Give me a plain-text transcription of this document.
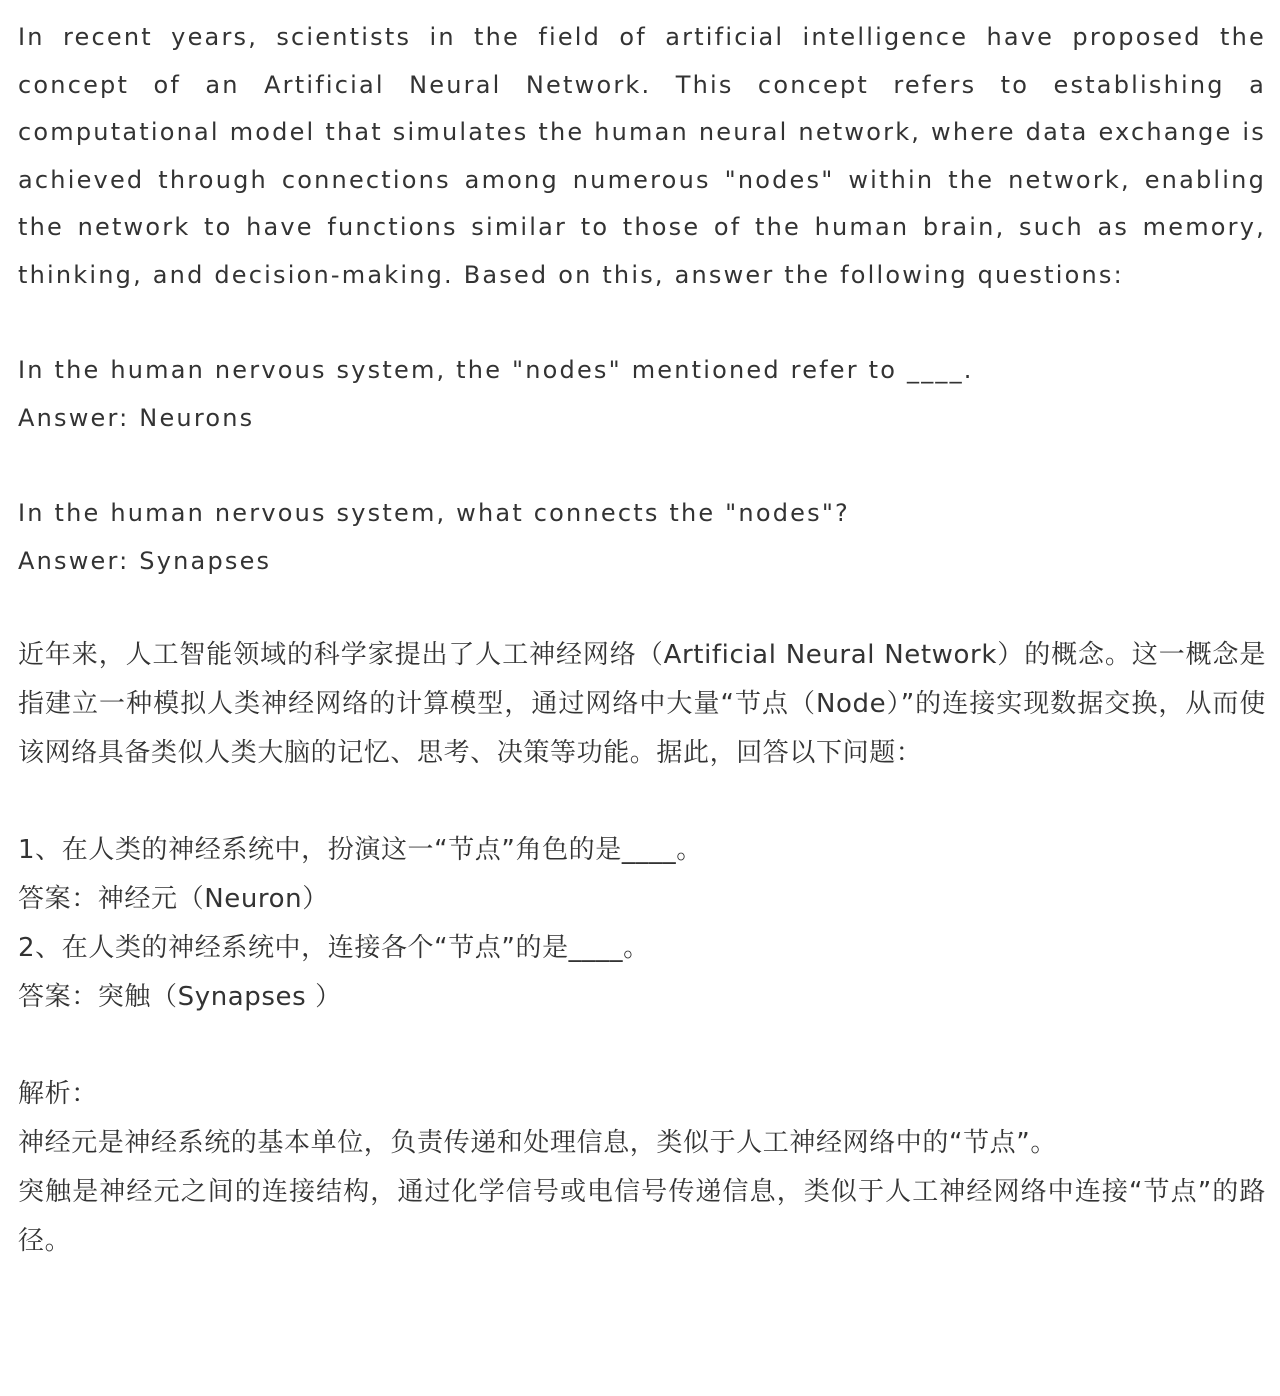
In recent years, scientists in the field of artificial intelligence have proposed the concept of an Artificial Neural Network. This concept refers to establishing a computational model that simulates the human neural network, where data exchange is achieved through connections among numerous "nodes" within the network, enabling the network to have functions similar to those of the human brain, such as memory, thinking, and decision-making. Based on this, answer the following questions:

In the human nervous system, the "nodes" mentioned refer to ____.

Answer: Neurons

In the human nervous system, what connects the "nodes"?

Answer: Synapses

近年来，人工智能领域的科学家提出了人工神经网络（Artificial Neural Network）的概念。这一概念是指建立一种模拟人类神经网络的计算模型，通过网络中大量“节点（Node）”的连接实现数据交换，从而使该网络具备类似人类大脑的记忆、思考、决策等功能。据此，回答以下问题：

1、在人类的神经系统中，扮演这一“节点”角色的是____。

答案：神经元（Neuron）

2、在人类的神经系统中，连接各个“节点”的是____。

答案：突触（Synapses ）

解析：

神经元是神经系统的基本单位，负责传递和处理信息，类似于人工神经网络中的“节点”。

突触是神经元之间的连接结构，通过化学信号或电信号传递信息，类似于人工神经网络中连接“节点”的路径。
